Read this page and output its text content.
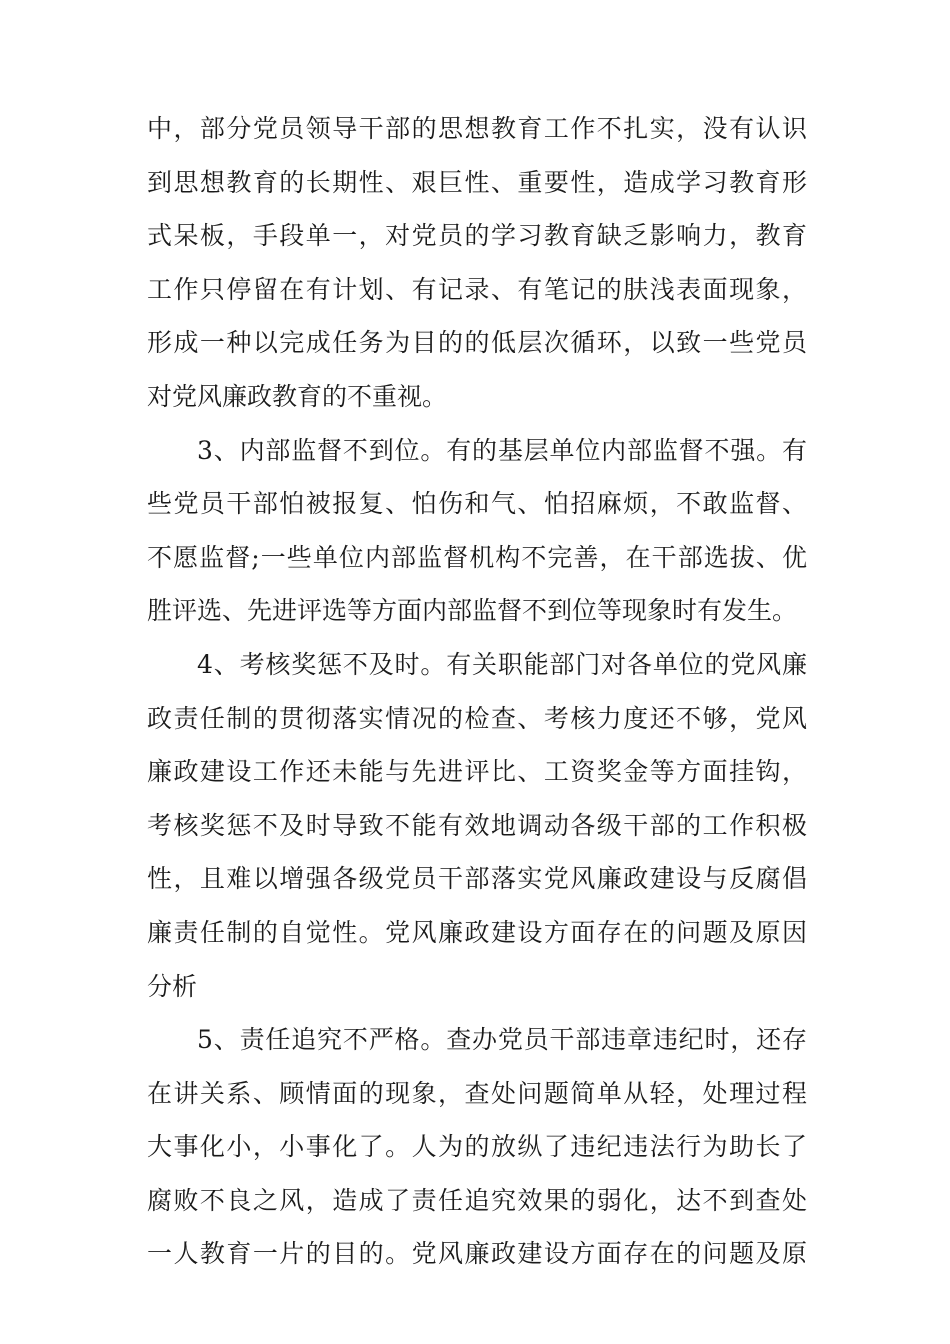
中，部分党员领导干部的思想教育工作不扎实，没有认识
到思想教育的长期性、艰巨性、重要性，造成学习教育形
式呆板，手段单一，对党员的学习教育缺乏影响力，教育
工作只停留在有计划、有记录、有笔记的肤浅表面现象，
形成一种以完成任务为目的的低层次循环，以致一些党员
对党风廉政教育的不重视。
3、内部监督不到位。有的基层单位内部监督不强。有
些党员干部怕被报复、怕伤和气、怕招麻烦，不敢监督、
不愿监督;一些单位内部监督机构不完善，在干部选拔、优
胜评选、先进评选等方面内部监督不到位等现象时有发生。
4、考核奖惩不及时。有关职能部门对各单位的党风廉
政责任制的贯彻落实情况的检查、考核力度还不够，党风
廉政建设工作还未能与先进评比、工资奖金等方面挂钩，
考核奖惩不及时导致不能有效地调动各级干部的工作积极
性，且难以增强各级党员干部落实党风廉政建设与反腐倡
廉责任制的自觉性。党风廉政建设方面存在的问题及原因
分析
5、责任追究不严格。查办党员干部违章违纪时，还存
在讲关系、顾情面的现象，查处问题简单从轻，处理过程
大事化小，小事化了。人为的放纵了违纪违法行为助长了
腐败不良之风，造成了责任追究效果的弱化，达不到查处
一人教育一片的目的。党风廉政建设方面存在的问题及原
